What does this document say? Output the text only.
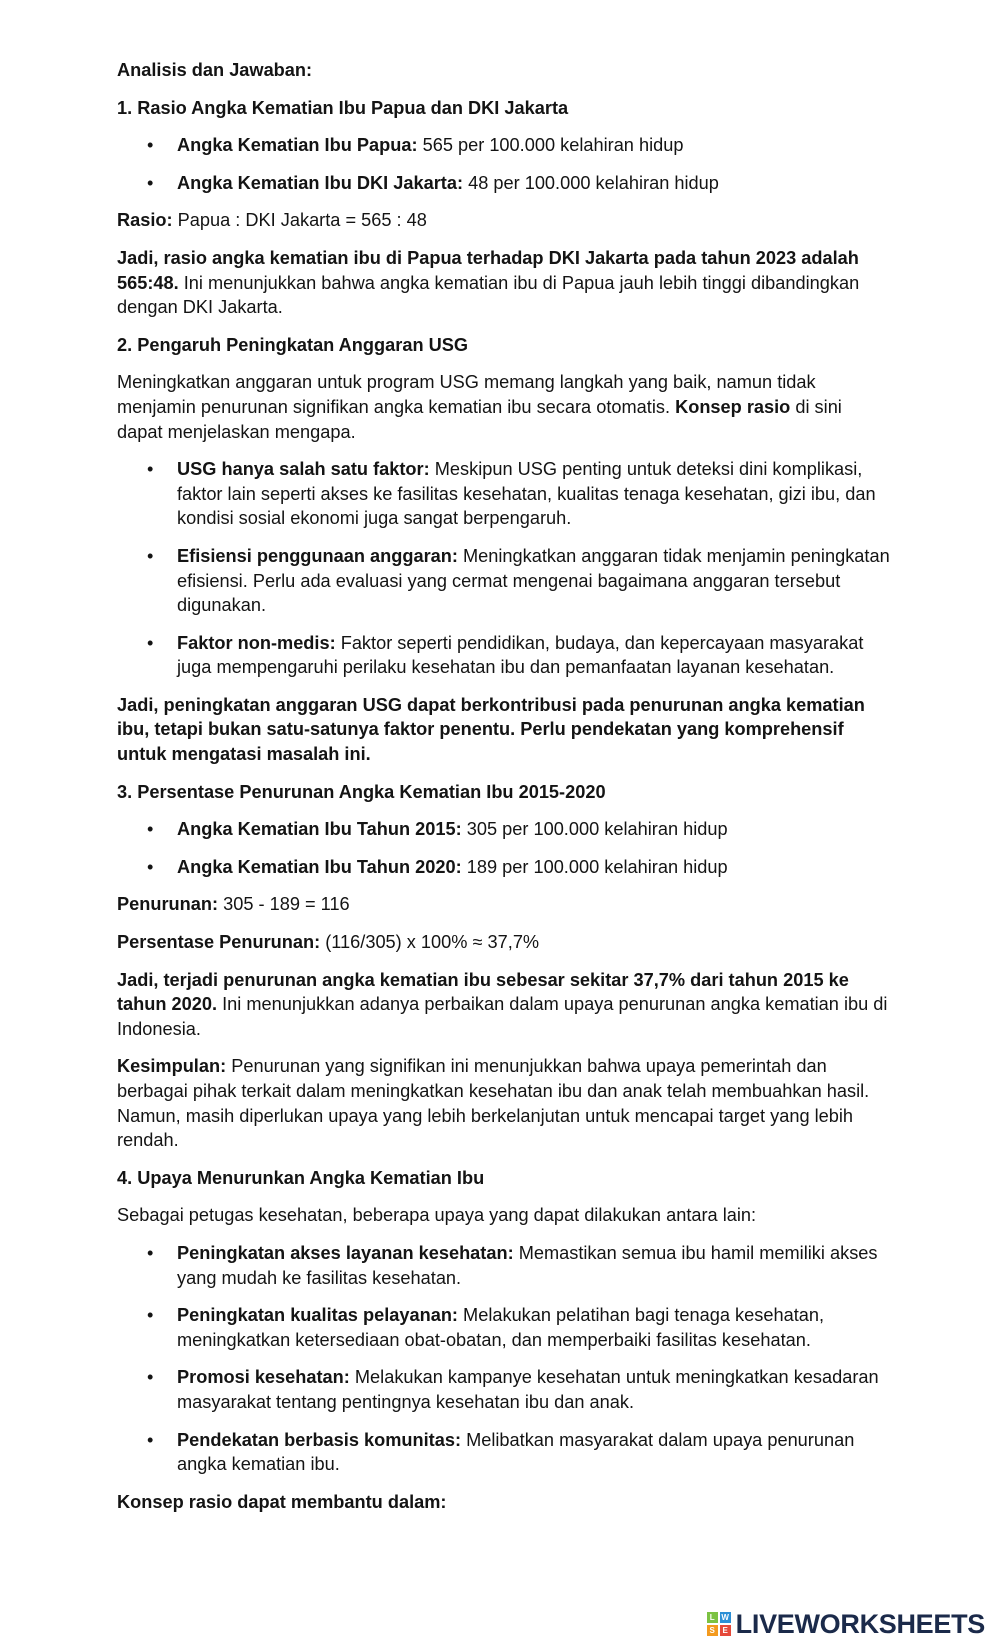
Analisis dan Jawaban:

1. Rasio Angka Kematian Ibu Papua dan DKI Jakarta

• Angka Kematian Ibu Papua: 565 per 100.000 kelahiran hidup
• Angka Kematian Ibu DKI Jakarta: 48 per 100.000 kelahiran hidup

Rasio: Papua : DKI Jakarta = 565 : 48

Jadi, rasio angka kematian ibu di Papua terhadap DKI Jakarta pada tahun 2023 adalah 565:48. Ini menunjukkan bahwa angka kematian ibu di Papua jauh lebih tinggi dibandingkan dengan DKI Jakarta.

2. Pengaruh Peningkatan Anggaran USG

Meningkatkan anggaran untuk program USG memang langkah yang baik, namun tidak menjamin penurunan signifikan angka kematian ibu secara otomatis. Konsep rasio di sini dapat menjelaskan mengapa.

• USG hanya salah satu faktor: Meskipun USG penting untuk deteksi dini komplikasi, faktor lain seperti akses ke fasilitas kesehatan, kualitas tenaga kesehatan, gizi ibu, dan kondisi sosial ekonomi juga sangat berpengaruh.
• Efisiensi penggunaan anggaran: Meningkatkan anggaran tidak menjamin peningkatan efisiensi. Perlu ada evaluasi yang cermat mengenai bagaimana anggaran tersebut digunakan.
• Faktor non-medis: Faktor seperti pendidikan, budaya, dan kepercayaan masyarakat juga mempengaruhi perilaku kesehatan ibu dan pemanfaatan layanan kesehatan.

Jadi, peningkatan anggaran USG dapat berkontribusi pada penurunan angka kematian ibu, tetapi bukan satu-satunya faktor penentu. Perlu pendekatan yang komprehensif untuk mengatasi masalah ini.

3. Persentase Penurunan Angka Kematian Ibu 2015-2020

• Angka Kematian Ibu Tahun 2015: 305 per 100.000 kelahiran hidup
• Angka Kematian Ibu Tahun 2020: 189 per 100.000 kelahiran hidup

Penurunan: 305 - 189 = 116

Persentase Penurunan: (116/305) x 100% ≈ 37,7%

Jadi, terjadi penurunan angka kematian ibu sebesar sekitar 37,7% dari tahun 2015 ke tahun 2020. Ini menunjukkan adanya perbaikan dalam upaya penurunan angka kematian ibu di Indonesia.

Kesimpulan: Penurunan yang signifikan ini menunjukkan bahwa upaya pemerintah dan berbagai pihak terkait dalam meningkatkan kesehatan ibu dan anak telah membuahkan hasil. Namun, masih diperlukan upaya yang lebih berkelanjutan untuk mencapai target yang lebih rendah.

4. Upaya Menurunkan Angka Kematian Ibu

Sebagai petugas kesehatan, beberapa upaya yang dapat dilakukan antara lain:

• Peningkatan akses layanan kesehatan: Memastikan semua ibu hamil memiliki akses yang mudah ke fasilitas kesehatan.
• Peningkatan kualitas pelayanan: Melakukan pelatihan bagi tenaga kesehatan, meningkatkan ketersediaan obat-obatan, dan memperbaiki fasilitas kesehatan.
• Promosi kesehatan: Melakukan kampanye kesehatan untuk meningkatkan kesadaran masyarakat tentang pentingnya kesehatan ibu dan anak.
• Pendekatan berbasis komunitas: Melibatkan masyarakat dalam upaya penurunan angka kematian ibu.

Konsep rasio dapat membantu dalam:

L W
S E LIVEWORKSHEETS
